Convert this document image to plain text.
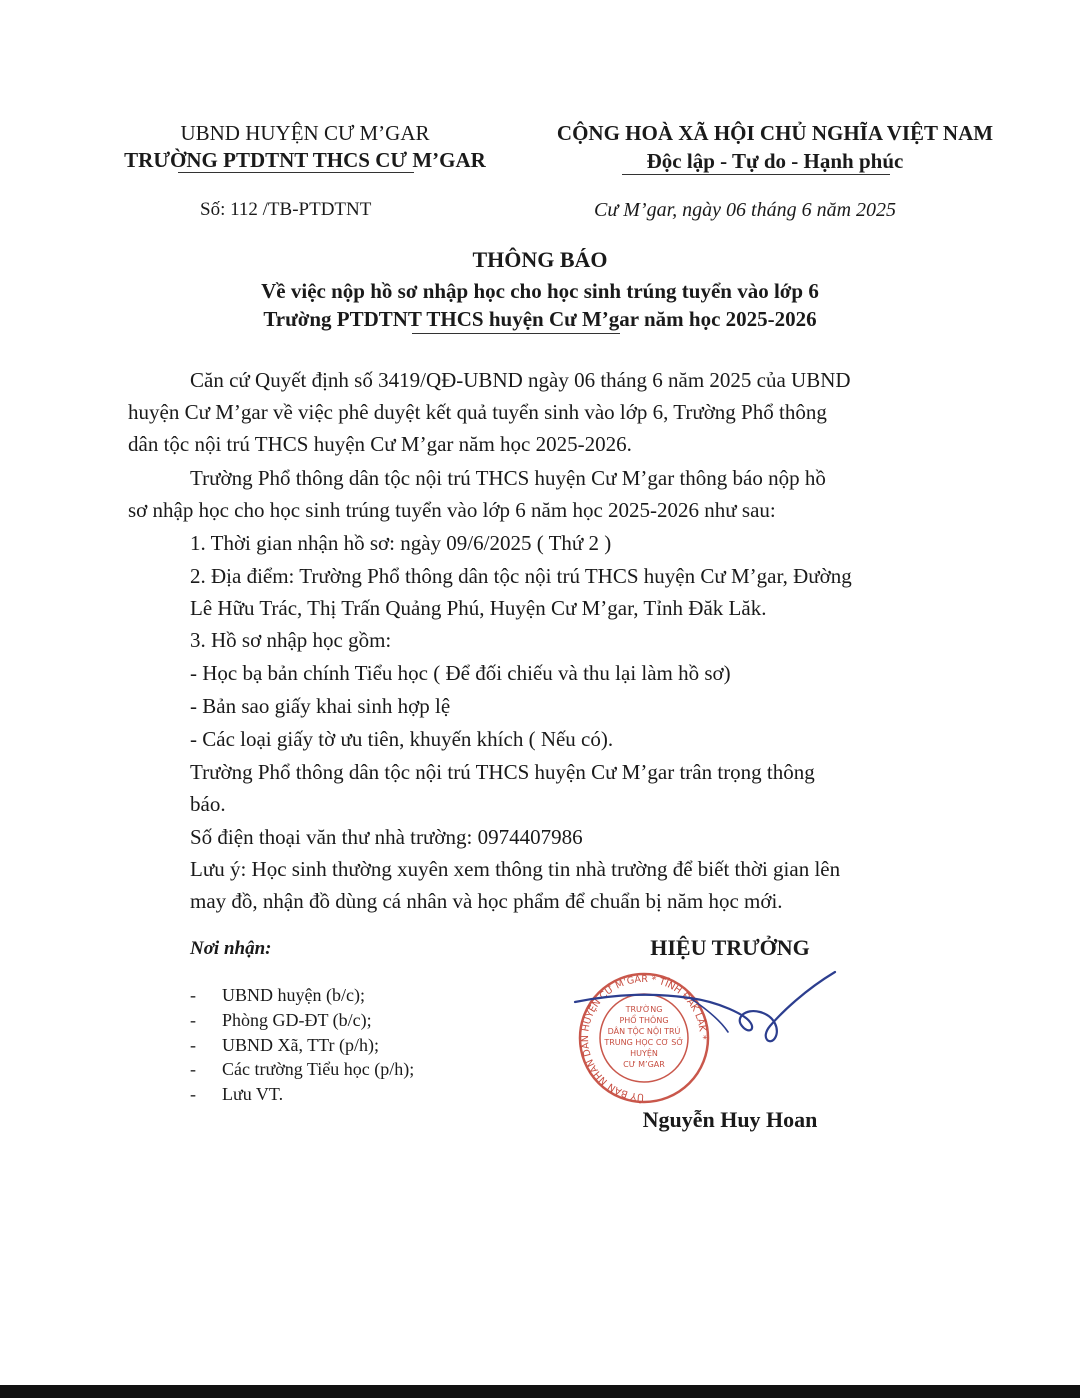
UBND HUYỆN CƯ M’GAR
TRƯỜNG PTDTNT THCS CƯ M’GAR
CỘNG HOÀ XÃ HỘI CHỦ NGHĨA VIỆT NAM
Độc lập - Tự do - Hạnh phúc
Số: 112 /TB-PTDTNT	Cư M’gar, ngày 06 tháng 6 năm 2025
THÔNG BÁO
Về việc nộp hồ sơ nhập học cho học sinh trúng tuyển vào lớp 6
Trường PTDTNT THCS huyện Cư M’gar năm học 2025-2026
Căn cứ Quyết định số 3419/QĐ-UBND ngày 06 tháng 6 năm 2025 của UBND
huyện Cư M’gar về việc phê duyệt kết quả tuyển sinh vào lớp 6, Trường Phổ thông
dân tộc nội trú THCS huyện Cư M’gar năm học 2025-2026.
Trường Phổ thông dân tộc nội trú THCS huyện Cư M’gar thông báo nộp hồ
sơ nhập học cho học sinh trúng tuyển vào lớp 6 năm học 2025-2026 như sau:
1. Thời gian nhận hồ sơ: ngày 09/6/2025 ( Thứ 2 )
2. Địa điểm: Trường Phổ thông dân tộc nội trú THCS huyện Cư M’gar, Đường
Lê Hữu Trác, Thị Trấn Quảng Phú, Huyện Cư M’gar, Tỉnh Đăk Lăk.
3. Hồ sơ nhập học gồm:
- Học bạ bản chính Tiểu học ( Để đối chiếu và thu lại làm hồ sơ)
- Bản sao giấy khai sinh hợp lệ
- Các loại giấy tờ ưu tiên, khuyến khích ( Nếu có).
Trường Phổ thông dân tộc nội trú THCS huyện Cư M’gar trân trọng thông
báo.
Số điện thoại văn thư nhà trường: 0974407986
Lưu ý: Học sinh thường xuyên xem thông tin nhà trường để biết thời gian lên
may đồ, nhận đồ dùng cá nhân và học phẩm để chuẩn bị năm học mới.
Nơi nhận:
- UBND huyện (b/c);
- Phòng GD-ĐT (b/c);
- UBND Xã, TTr (p/h);
- Các trường Tiểu học (p/h);
- Lưu VT.
HIỆU TRƯỞNG
ỦY BAN NHÂN DÂN HUYỆN CƯ M’GAR * TỈNH ĐĂK LĂK *
TRƯỜNG
PHỔ THÔNG
DÂN TỘC NỘI TRÚ
TRUNG HỌC CƠ SỞ
HUYỆN
CƯ M’GAR
Nguyễn Huy Hoan
